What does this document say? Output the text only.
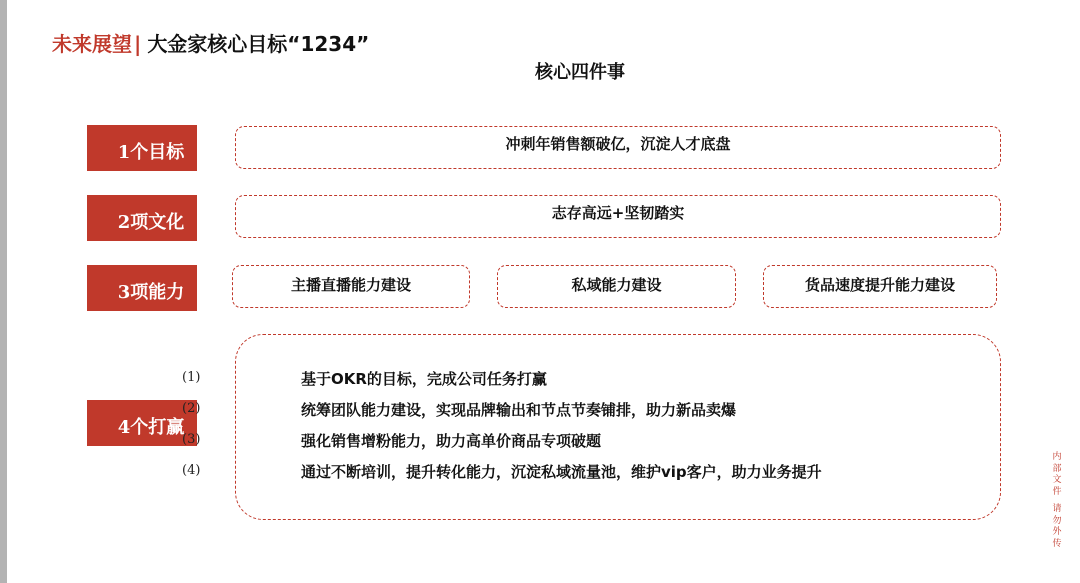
未来展望 | 大金家核心目标“1234”
核心四件事
冲刺年销售额破亿，沉淀人才底盘
1个目标
志存高远+坚韧踏实
2项文化
主播直播能力建设	私域能力建设	货品速度提升能力建设
3项能力
4个打赢
(1)
(2)
(3)
(4)
基于OKR的目标，完成公司任务打赢
统筹团队能力建设，实现品牌输出和节点节奏铺排，助力新品卖爆
强化销售增粉能力，助力高单价商品专项破题
通过不断培训，提升转化能力，沉淀私域流量池，维护vip客户，助力业务提升
内
部
文
件
请
勿
外
传
